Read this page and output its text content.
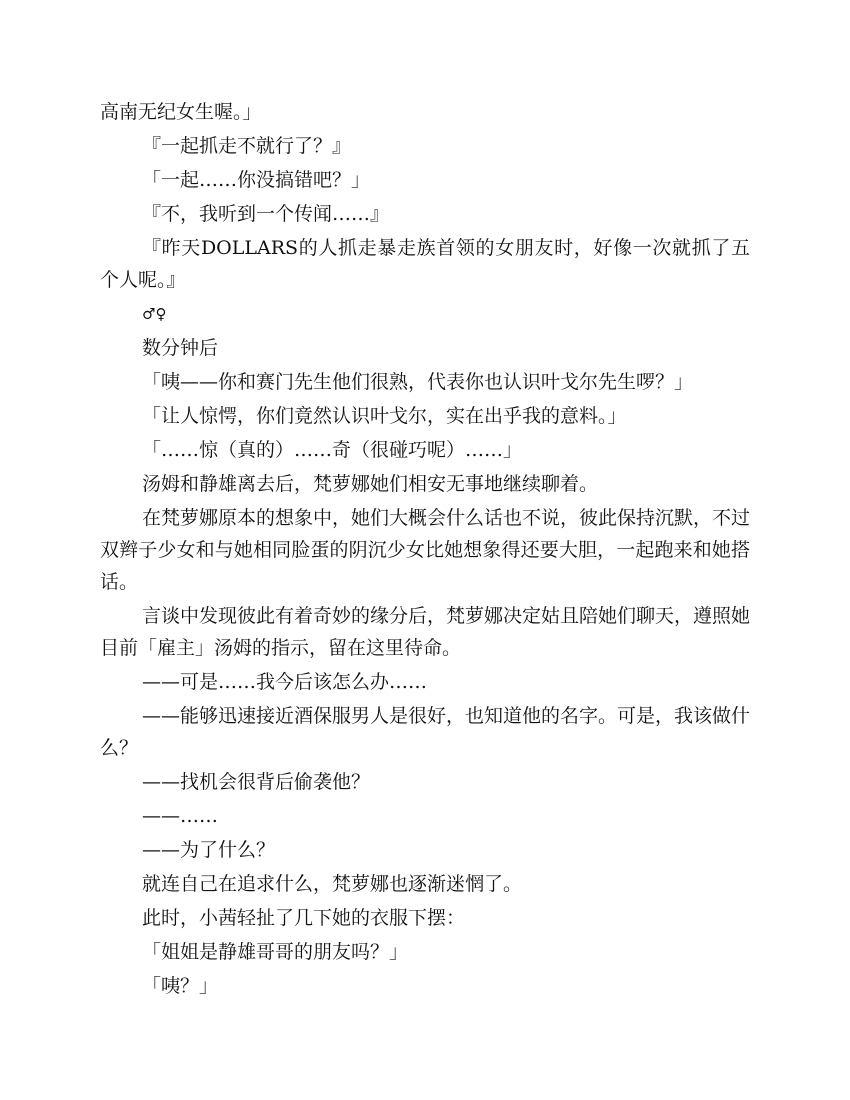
高南无纪女生喔。」

『一起抓走不就行了？』

「一起……你没搞错吧？」

『不，我听到一个传闻……』

『昨天DOLLARS的人抓走暴走族首领的女朋友时，好像一次就抓了五个人呢。』

♂♀

数分钟后

「咦——你和赛门先生他们很熟，代表你也认识叶戈尔先生啰？」

「让人惊愕，你们竟然认识叶戈尔，实在出乎我的意料。」

「……惊（真的）……奇（很碰巧呢）……」

汤姆和静雄离去后，梵萝娜她们相安无事地继续聊着。

在梵萝娜原本的想象中，她们大概会什么话也不说，彼此保持沉默，不过双辫子少女和与她相同脸蛋的阴沉少女比她想象得还要大胆，一起跑来和她搭话。

言谈中发现彼此有着奇妙的缘分后，梵萝娜决定姑且陪她们聊天，遵照她目前「雇主」汤姆的指示，留在这里待命。

——可是……我今后该怎么办……

——能够迅速接近酒保服男人是很好，也知道他的名字。可是，我该做什么？

——找机会很背后偷袭他？

——……

——为了什么？

就连自己在追求什么，梵萝娜也逐渐迷惘了。

此时，小茜轻扯了几下她的衣服下摆：

「姐姐是静雄哥哥的朋友吗？」

「咦？」
